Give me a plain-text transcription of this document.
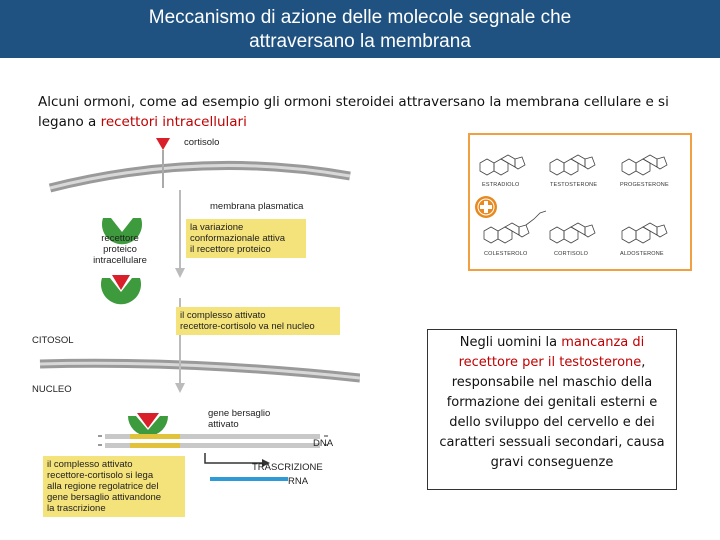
Meccanismo di azione delle molecole segnale che
attraversano la membrana

Alcuni ormoni, come ad esempio gli ormoni steroidei attraversano la membrana cellulare e si legano a recettori intracellulari

cortisolo
membrana plasmatica
recettore
proteico
intracellulare
la variazione
conformazionale attiva
il recettore proteico
il complesso attivato
recettore-cortisolo va nel nucleo
CITOSOL
NUCLEO
gene bersaglio
attivato
DNA
TRASCRIZIONE
RNA
il complesso attivato
recettore-cortisolo si lega
alla regione regolatrice del
gene bersaglio attivandone
la trascrizione
ESTRADIOLO	TESTOSTERONE	PROGESTERONE
COLESTEROLO	CORTISOLO	ALDOSTERONE
Negli uomini la mancanza di recettore per il testosterone, responsabile nel maschio della formazione dei genitali esterni e dello sviluppo del cervello e dei caratteri sessuali secondari, causa gravi conseguenze
